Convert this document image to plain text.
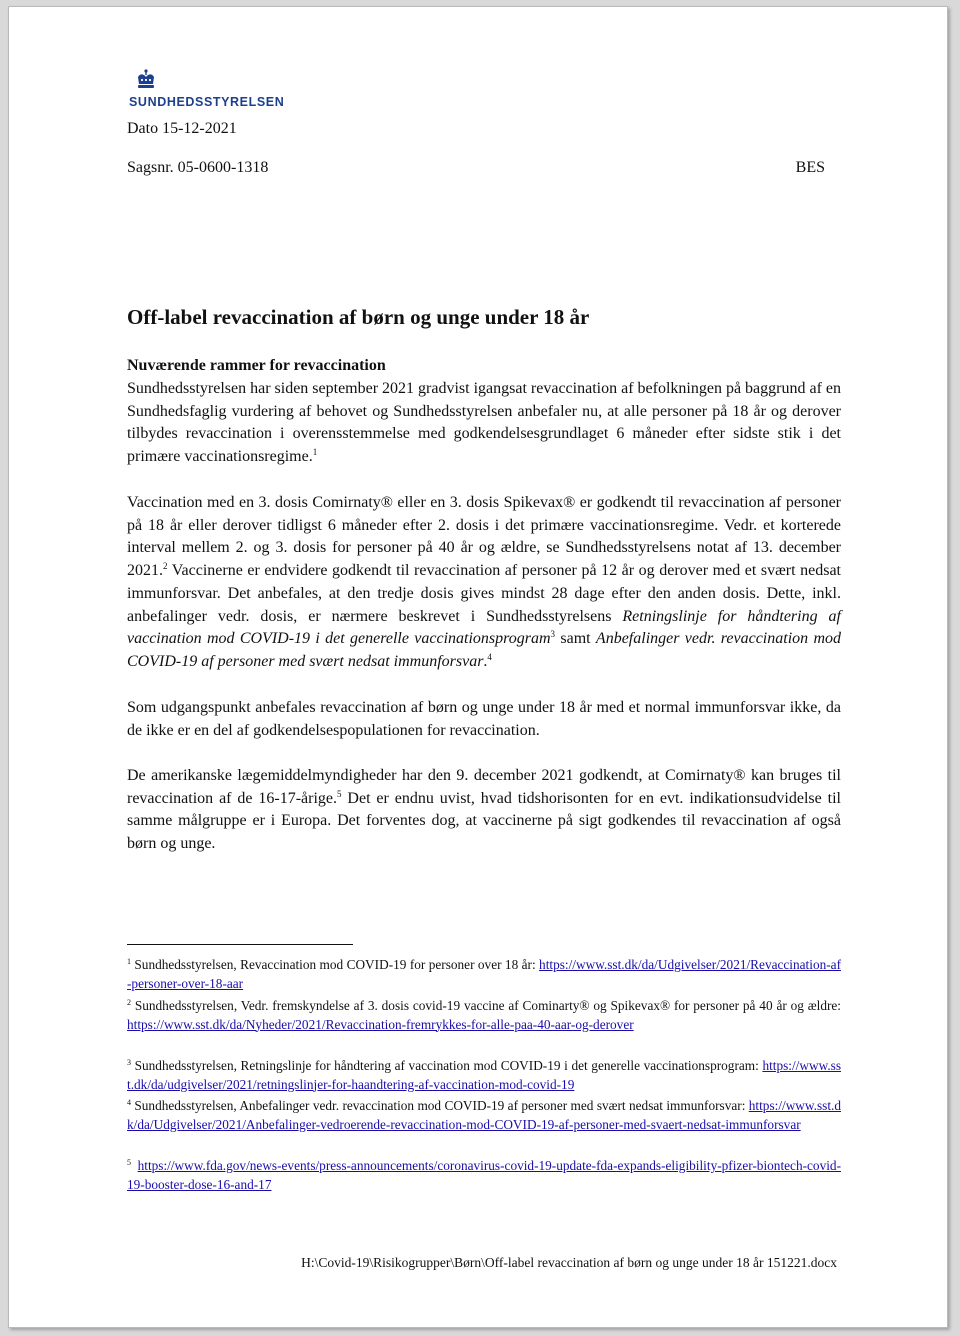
SUNDHEDSSTYRELSEN
Dato 15-12-2021
Sagsnr. 05-0600-1318	BES
Off-label revaccination af børn og unge under 18 år
Nuværende rammer for revaccination

Sundhedsstyrelsen har siden september 2021 gradvist igangsat revaccination af befolkningen på baggrund af en Sundhedsfaglig vurdering af behovet og Sundhedsstyrelsen anbefaler nu, at alle personer på 18 år og derover tilbydes revaccination i overensstemmelse med godkendelsesgrundlaget 6 måneder efter sidste stik i det primære vaccinationsregime.$^1$

Vaccination med en 3. dosis Comirnaty® eller en 3. dosis Spikevax® er godkendt til revaccination af personer på 18 år eller derover tidligst 6 måneder efter 2. dosis i det primære vaccinationsregime. Vedr. et korterede interval mellem 2. og 3. dosis for personer på 40 år og ældre, se Sundhedsstyrelsens notat af 13. december 2021.$^2$ Vaccinerne er endvidere godkendt til revaccination af personer på 12 år og derover med et svært nedsat immunforsvar. Det anbefales, at den tredje dosis gives mindst 28 dage efter den anden dosis. Dette, inkl. anbefalinger vedr. dosis, er nærmere beskrevet i Sundhedsstyrelsens Retningslinje for håndtering af vaccination mod COVID-19 i det generelle vaccinationsprogram$^3$ samt Anbefalinger vedr. revaccination mod COVID-19 af personer med svært nedsat immunforsvar.$^4$

Som udgangspunkt anbefales revaccination af børn og unge under 18 år med et normal immunforsvar ikke, da de ikke er en del af godkendelsespopulationen for revaccination.

De amerikanske lægemiddelmyndigheder har den 9. december 2021 godkendt, at Comirnaty® kan bruges til revaccination af de 16-17-årige.$^5$ Det er endnu uvist, hvad tidshorisonten for en evt. indikationsudvidelse til samme målgruppe er i Europa. Det forventes dog, at vaccinerne på sigt godkendes til revaccination af også børn og unge.

$^1$ Sundhedsstyrelsen, Revaccination mod COVID-19 for personer over 18 år: https://www.sst.dk/da/Udgivelser/2021/Revaccination-af-personer-over-18-aar

$^2$ Sundhedsstyrelsen, Vedr. fremskyndelse af 3. dosis covid-19 vaccine af Cominarty® og Spikevax® for personer på 40 år og ældre: https://www.sst.dk/da/Nyheder/2021/Revaccination-fremrykkes-for-alle-paa-40-aar-og-derover

$^3$ Sundhedsstyrelsen, Retningslinje for håndtering af vaccination mod COVID-19 i det generelle vaccinationsprogram: https://www.sst.dk/da/udgivelser/2021/retningslinjer-for-haandtering-af-vaccination-mod-covid-19

$^4$ Sundhedsstyrelsen, Anbefalinger vedr. revaccination mod COVID-19 af personer med svært nedsat immunforsvar: https://www.sst.dk/da/Udgivelser/2021/Anbefalinger-vedroerende-revaccination-mod-COVID-19-af-personer-med-svaert-nedsat-immunforsvar

$^5$ https://www.fda.gov/news-events/press-announcements/coronavirus-covid-19-update-fda-expands-eligibility-pfizer-biontech-covid-19-booster-dose-16-and-17

H:\Covid-19\Risikogrupper\Børn\Off-label revaccination af børn og unge under 18 år 151221.docx
